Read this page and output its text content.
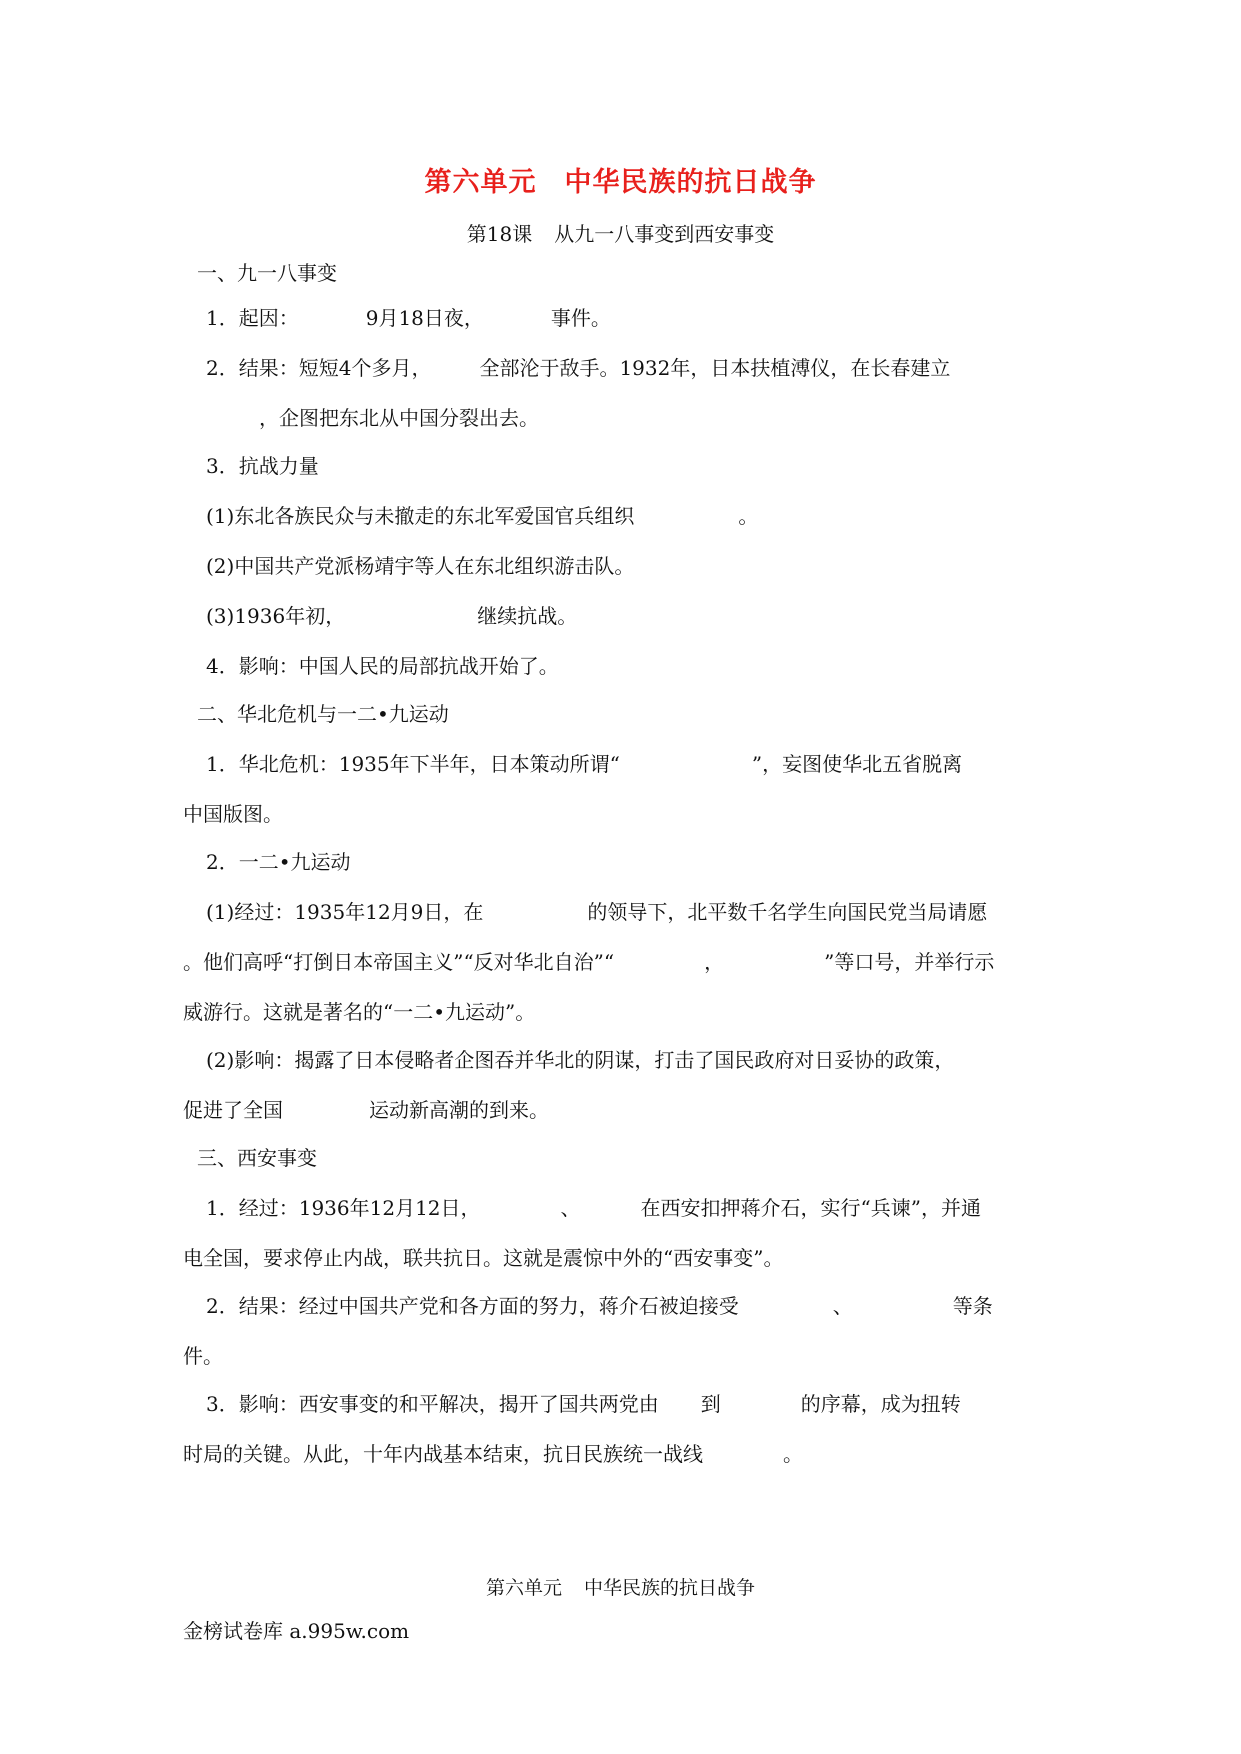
第六单元 中华民族的抗日战争
第18课 从九一八事变到西安事变
一、九一八事变
1．起因：	9月18日夜，	事件。
2．结果：短短4个多月， 全部沦于敌手。1932年，日本扶植溥仪，在长春建立
，企图把东北从中国分裂出去。
3．抗战力量
(1)东北各族民众与未撤走的东北军爱国官兵组织	。
(2)中国共产党派杨靖宇等人在东北组织游击队。
(3)1936年初，	继续抗战。
4．影响：中国人民的局部抗战开始了。
二、华北危机与一二•九运动
1．华北危机：1935年下半年，日本策动所谓“	”，妄图使华北五省脱离
中国版图。
2．一二•九运动
(1)经过：1935年12月9日，在	的领导下，北平数千名学生向国民党当局请愿
。他们高呼“打倒日本帝国主义”“反对华北自治”“	，	”等口号，并举行示
威游行。这就是著名的“一二•九运动”。
(2)影响：揭露了日本侵略者企图吞并华北的阴谋，打击了国民政府对日妥协的政策，
促进了全国	运动新高潮的到来。
三、西安事变
1．经过：1936年12月12日，	、	在西安扣押蒋介石，实行“兵谏”，并通
电全国，要求停止内战，联共抗日。这就是震惊中外的“西安事变”。
2．结果：经过中国共产党和各方面的努力，蒋介石被迫接受	、	等条
件。
3．影响：西安事变的和平解决，揭开了国共两党由 到	的序幕，成为扭转
时局的关键。从此，十年内战基本结束，抗日民族统一战线	。
第六单元 中华民族的抗日战争
金榜试卷库 a.995w.com
